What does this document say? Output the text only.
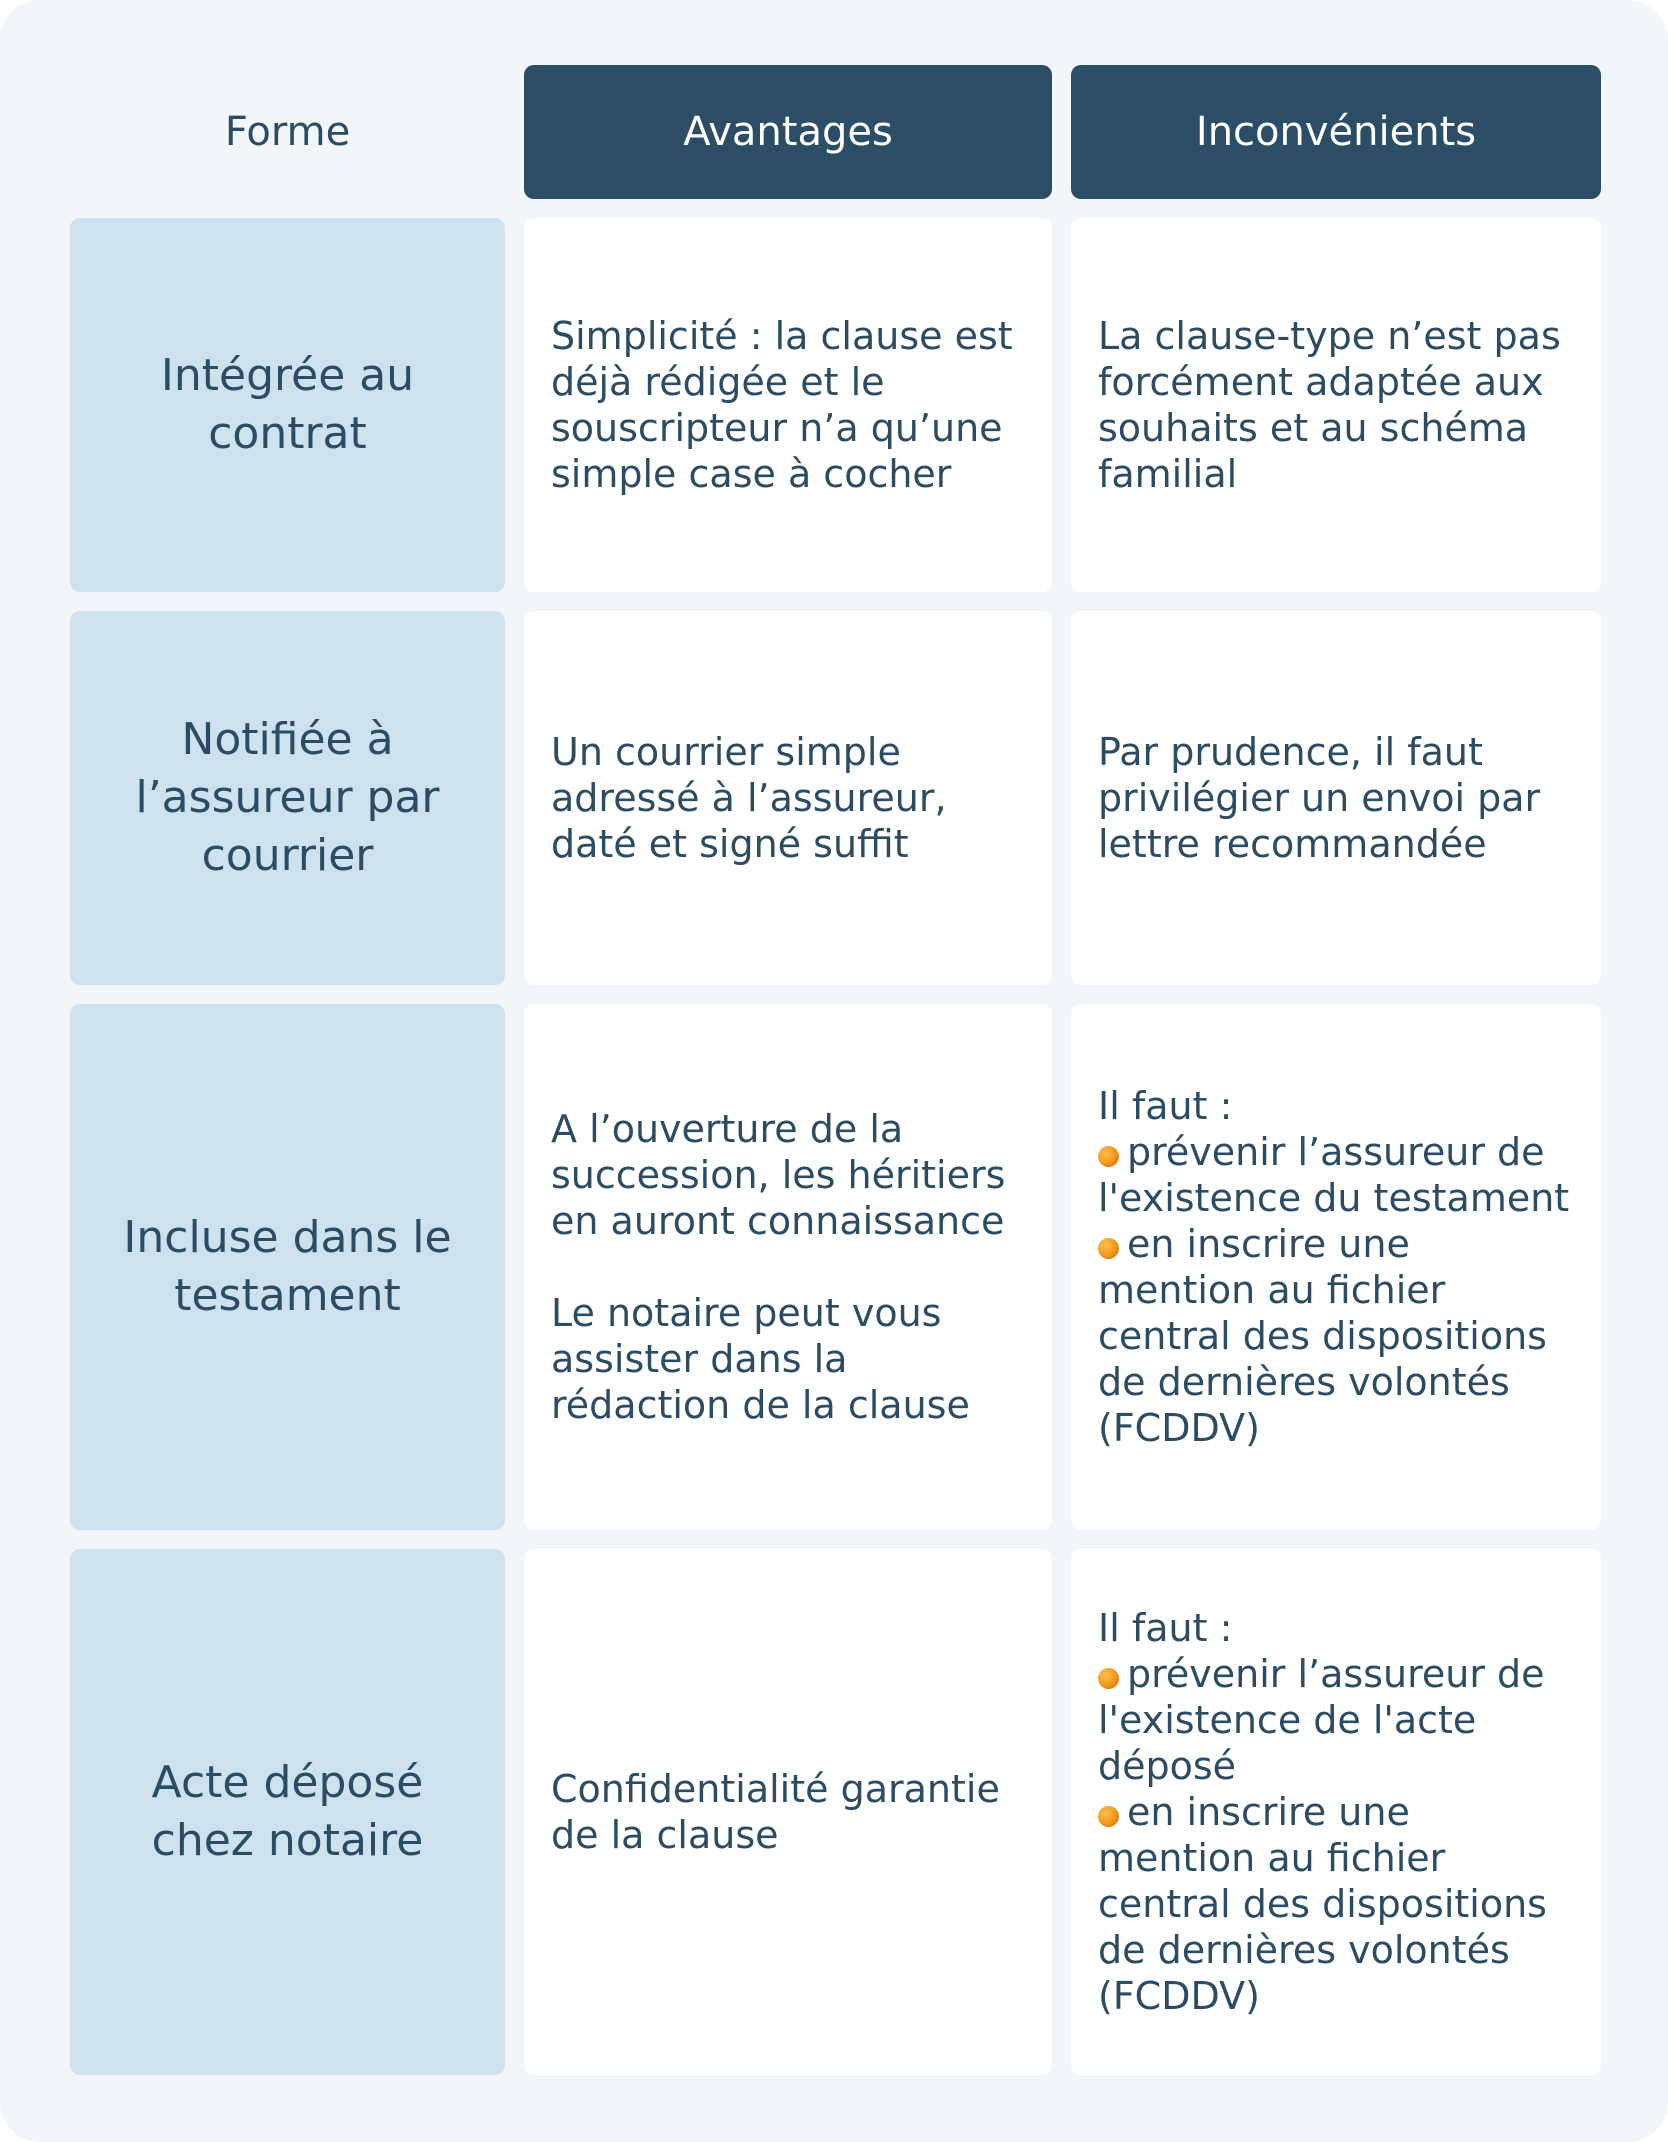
Forme	Avantages	Inconvénients
Intégrée au
contrat
Simplicité : la clause est déjà rédigée et le souscripteur n’a qu’une simple case à cocher
La clause-type n’est pas forcément adaptée aux souhaits et au schéma familial
Notifiée à
l’assureur par
courrier
Un courrier simple adressé à l’assureur, daté et signé suffit
Par prudence, il faut privilégier un envoi par lettre recommandée
Incluse dans le
testament
A l’ouverture de la succession, les héritiers en auront connaissance
Le notaire peut vous assister dans la rédaction de la clause
Il faut :
prévenir l’assureur de l'existence du testament
en inscrire une mention au fichier central des dispositions de dernières volontés (FCDDV)
Acte déposé
chez notaire
Confidentialité garantie de la clause
Il faut :
prévenir l’assureur de l'existence de l'acte déposé
en inscrire une mention au fichier central des dispositions de dernières volontés (FCDDV)
